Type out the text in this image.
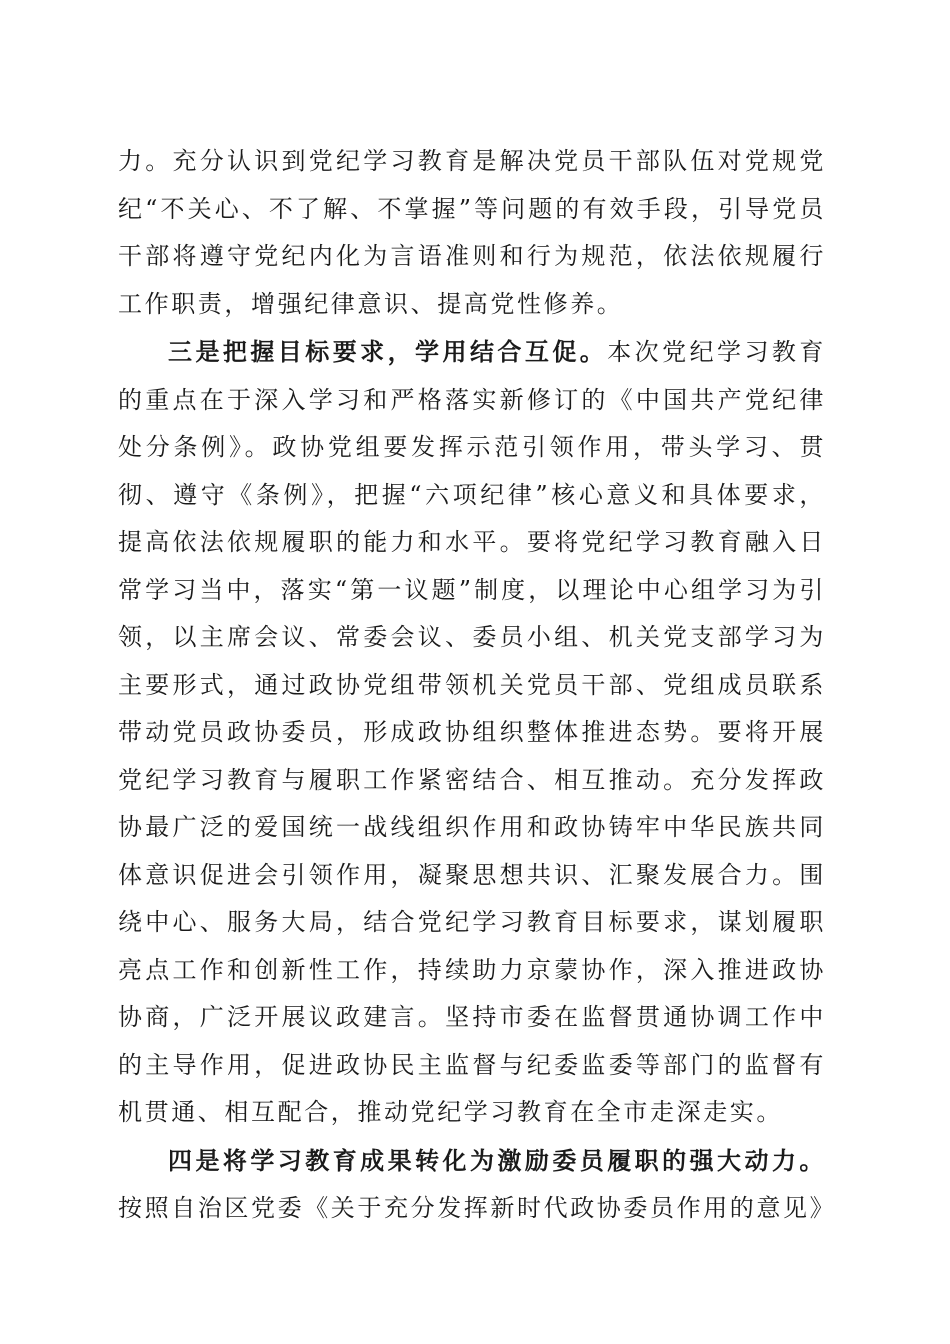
力。充分认识到党纪学习教育是解决党员干部队伍对党规党纪“不关心、不了解、不掌握”等问题的有效手段，引导党员干部将遵守党纪内化为言语准则和行为规范，依法依规履行工作职责，增强纪律意识、提高党性修养。

三是把握目标要求，学用结合互促。本次党纪学习教育的重点在于深入学习和严格落实新修订的《中国共产党纪律处分条例》。政协党组要发挥示范引领作用，带头学习、贯彻、遵守《条例》，把握“六项纪律”核心意义和具体要求，提高依法依规履职的能力和水平。要将党纪学习教育融入日常学习当中，落实“第一议题”制度，以理论中心组学习为引领，以主席会议、常委会议、委员小组、机关党支部学习为主要形式，通过政协党组带领机关党员干部、党组成员联系带动党员政协委员，形成政协组织整体推进态势。要将开展党纪学习教育与履职工作紧密结合、相互推动。充分发挥政协最广泛的爱国统一战线组织作用和政协铸牢中华民族共同体意识促进会引领作用，凝聚思想共识、汇聚发展合力。围绕中心、服务大局，结合党纪学习教育目标要求，谋划履职亮点工作和创新性工作，持续助力京蒙协作，深入推进政协协商，广泛开展议政建言。坚持市委在监督贯通协调工作中的主导作用，促进政协民主监督与纪委监委等部门的监督有机贯通、相互配合，推动党纪学习教育在全市走深走实。

四是将学习教育成果转化为激励委员履职的强大动力。按照自治区党委《关于充分发挥新时代政协委员作用的意见》
